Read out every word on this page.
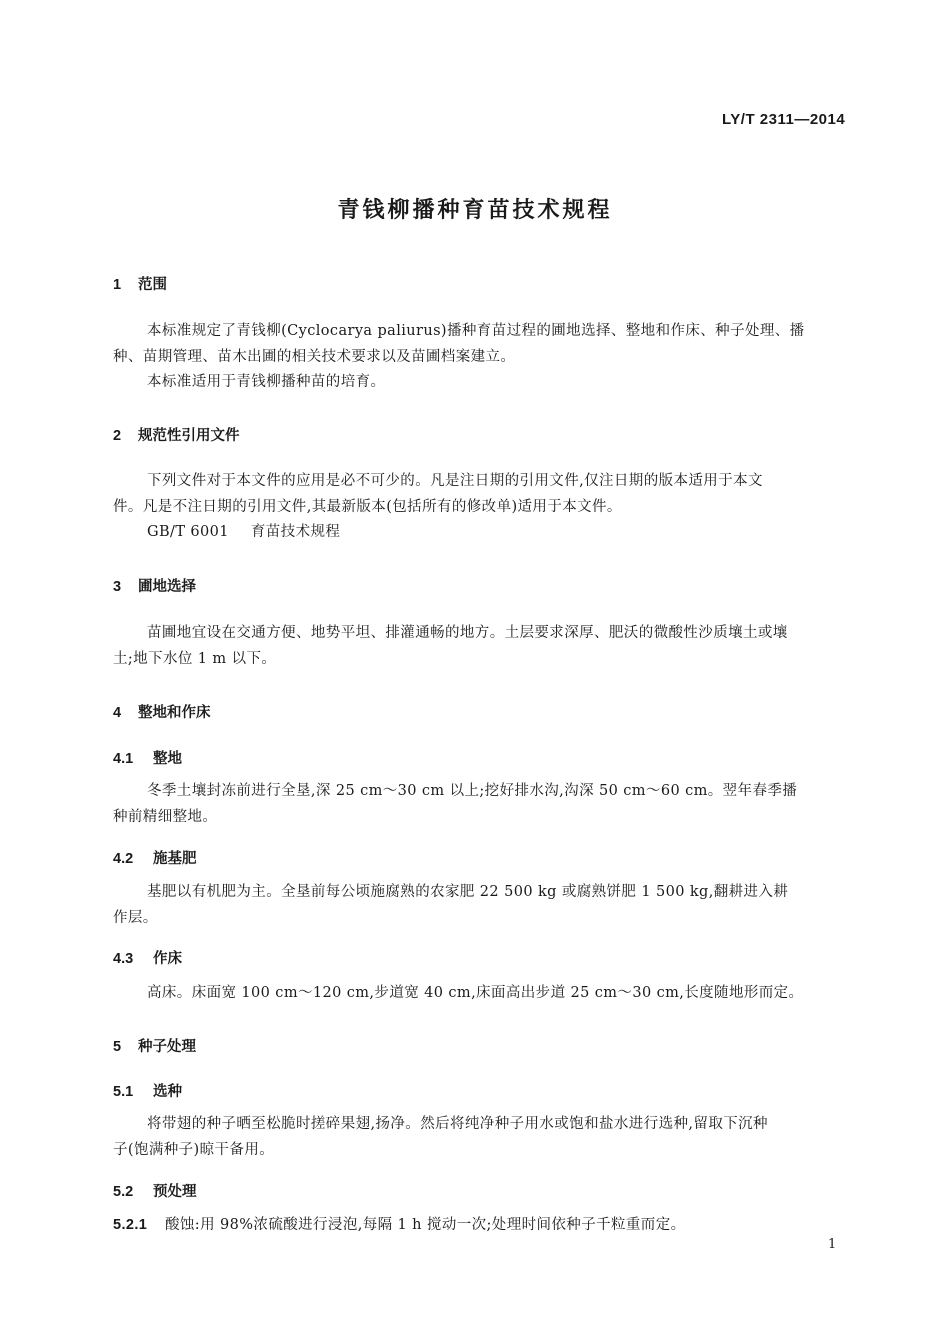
LY/T 2311—2014
青钱柳播种育苗技术规程
1 范围
本标准规定了青钱柳(Cyclocarya paliurus)播种育苗过程的圃地选择、整地和作床、种子处理、播
种、苗期管理、苗木出圃的相关技术要求以及苗圃档案建立。
本标准适用于青钱柳播种苗的培育。
2 规范性引用文件
下列文件对于本文件的应用是必不可少的。凡是注日期的引用文件,仅注日期的版本适用于本文
件。凡是不注日期的引用文件,其最新版本(包括所有的修改单)适用于本文件。
GB/T 6001 育苗技术规程
3 圃地选择
苗圃地宜设在交通方便、地势平坦、排灌通畅的地方。土层要求深厚、肥沃的微酸性沙质壤土或壤
土;地下水位 1 m 以下。
4 整地和作床
4.1 整地
冬季土壤封冻前进行全垦,深 25 cm～30 cm 以上;挖好排水沟,沟深 50 cm～60 cm。翌年春季播
种前精细整地。
4.2 施基肥
基肥以有机肥为主。全垦前每公顷施腐熟的农家肥 22 500 kg 或腐熟饼肥 1 500 kg,翻耕进入耕
作层。
4.3 作床
高床。床面宽 100 cm～120 cm,步道宽 40 cm,床面高出步道 25 cm～30 cm,长度随地形而定。
5 种子处理
5.1 选种
将带翅的种子晒至松脆时搓碎果翅,扬净。然后将纯净种子用水或饱和盐水进行选种,留取下沉种
子(饱满种子)晾干备用。
5.2 预处理
5.2.1 酸蚀:用 98%浓硫酸进行浸泡,每隔 1 h 搅动一次;处理时间依种子千粒重而定。
1
